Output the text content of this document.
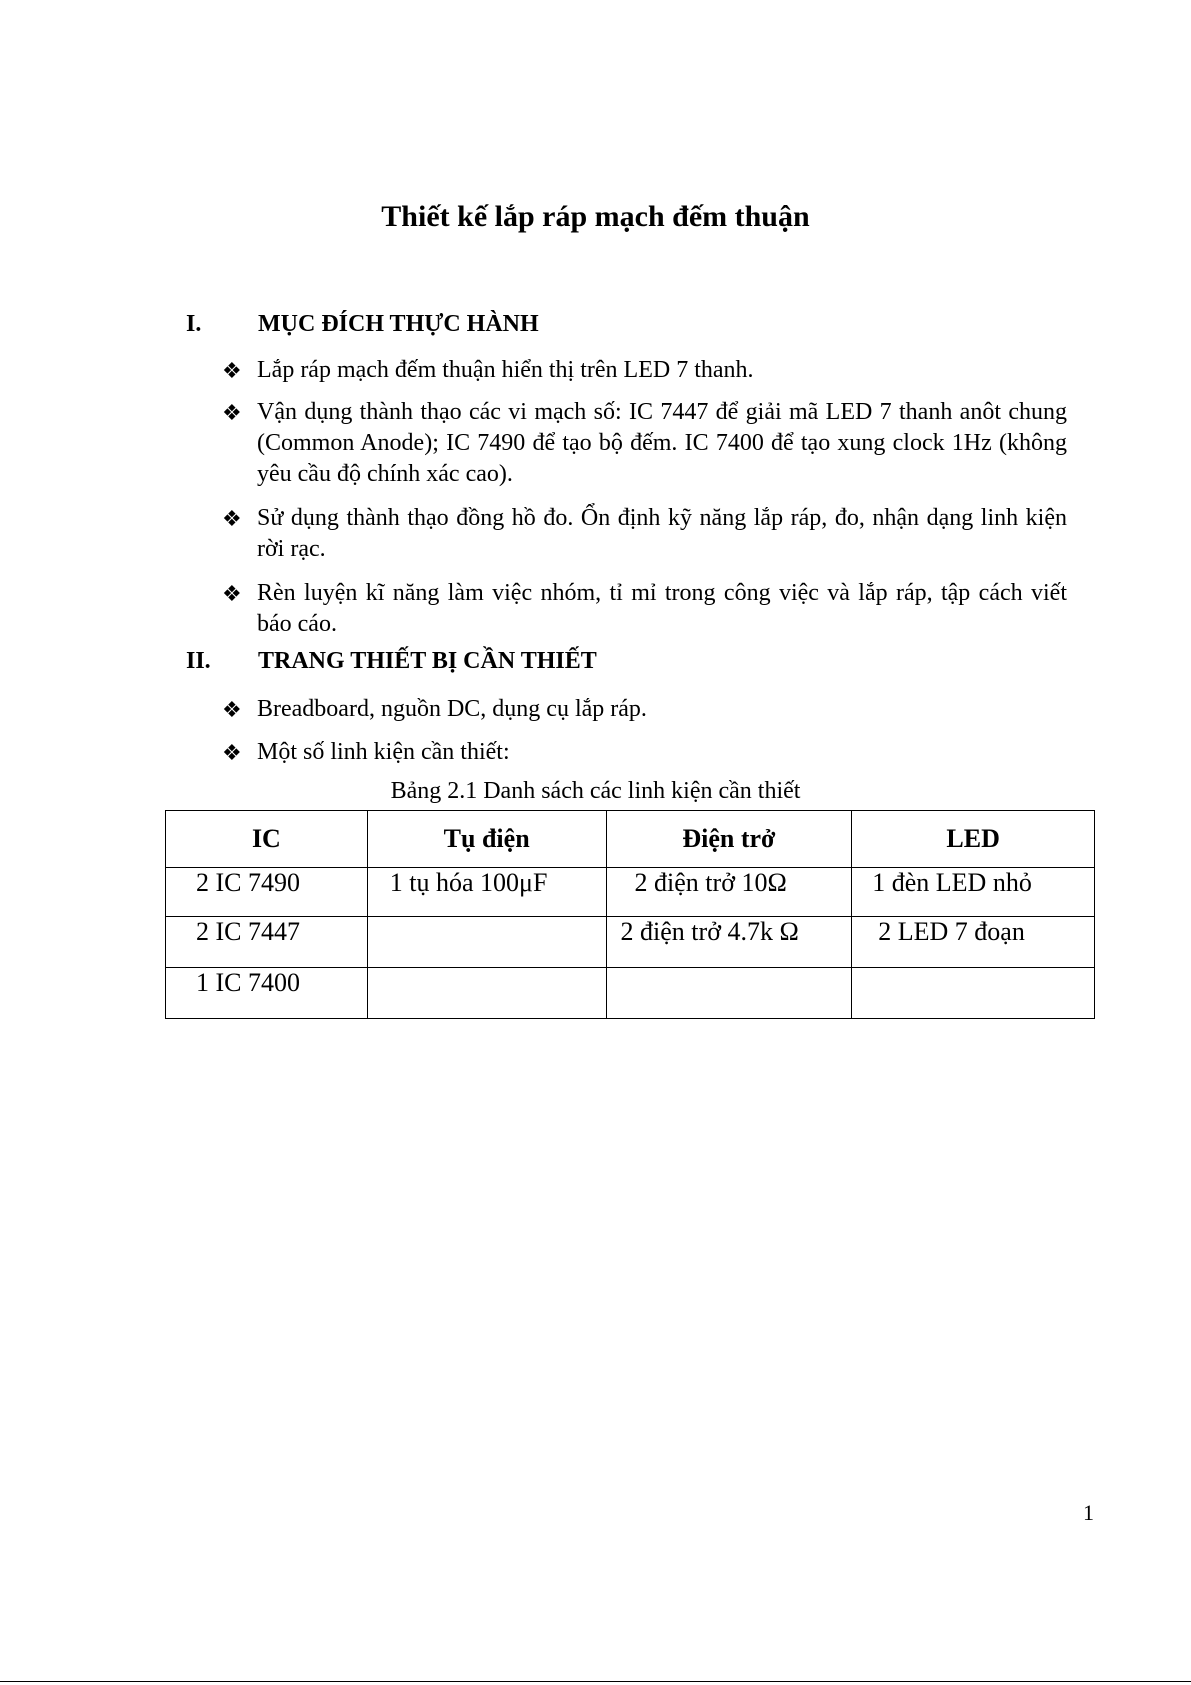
Thiết kế lắp ráp mạch đếm thuận
I. MỤC ĐÍCH THỰC HÀNH
❖ Lắp ráp mạch đếm thuận hiển thị trên LED 7 thanh.
❖ Vận dụng thành thạo các vi mạch số: IC 7447 để giải mã LED 7 thanh anôt chung (Common Anode); IC 7490 để tạo bộ đếm. IC 7400 để tạo xung clock 1Hz (không yêu cầu độ chính xác cao).
❖ Sử dụng thành thạo đồng hồ đo. Ổn định kỹ năng lắp ráp, đo, nhận dạng linh kiện rời rạc.
❖ Rèn luyện kĩ năng làm việc nhóm, tỉ mỉ trong công việc và lắp ráp, tập cách viết báo cáo.
II. TRANG THIẾT BỊ CẦN THIẾT
❖ Breadboard, nguồn DC, dụng cụ lắp ráp.
❖ Một số linh kiện cần thiết:
Bảng 2.1 Danh sách các linh kiện cần thiết
IC	Tụ điện	Điện trở	LED
2 IC 7490	1 tụ hóa 100μF	2 điện trở 10Ω	1 đèn LED nhỏ
2 IC 7447		2 điện trở 4.7k Ω	2 LED 7 đoạn
1 IC 7400			
1
